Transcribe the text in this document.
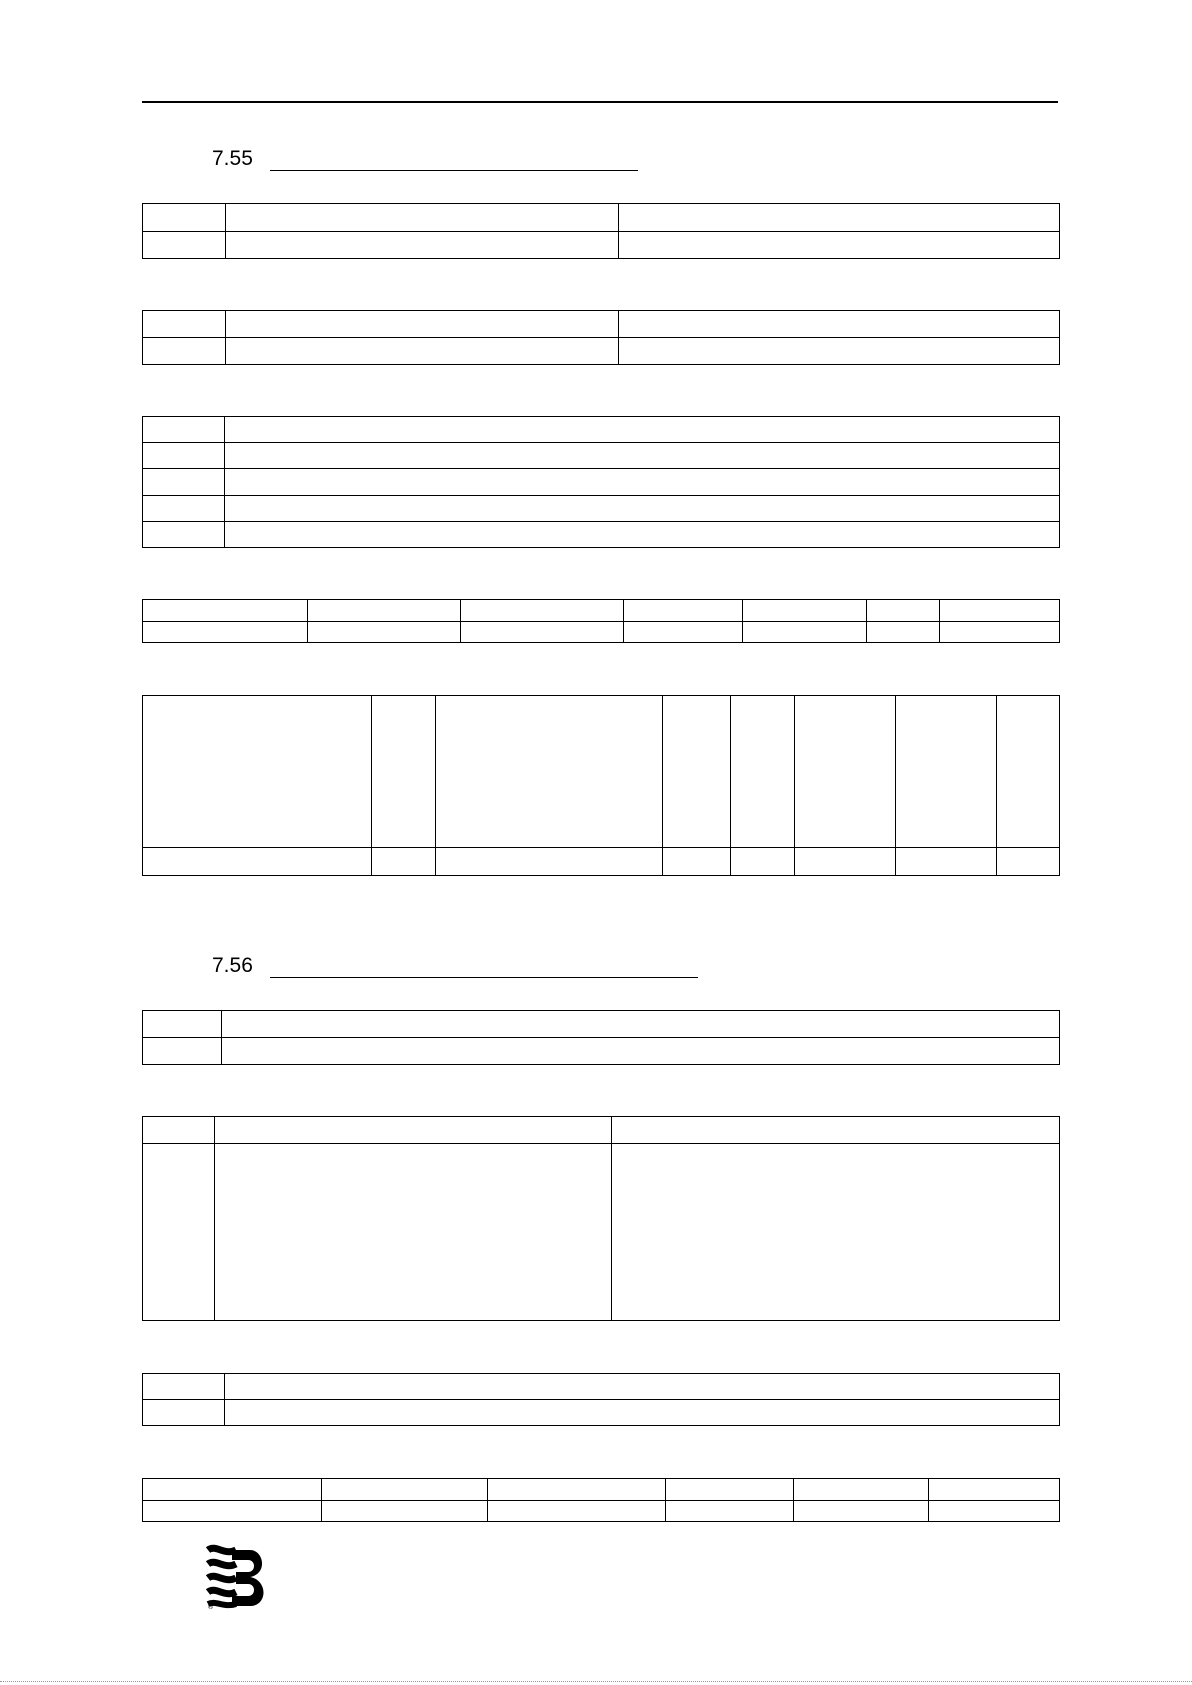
7.55

7.56

®
